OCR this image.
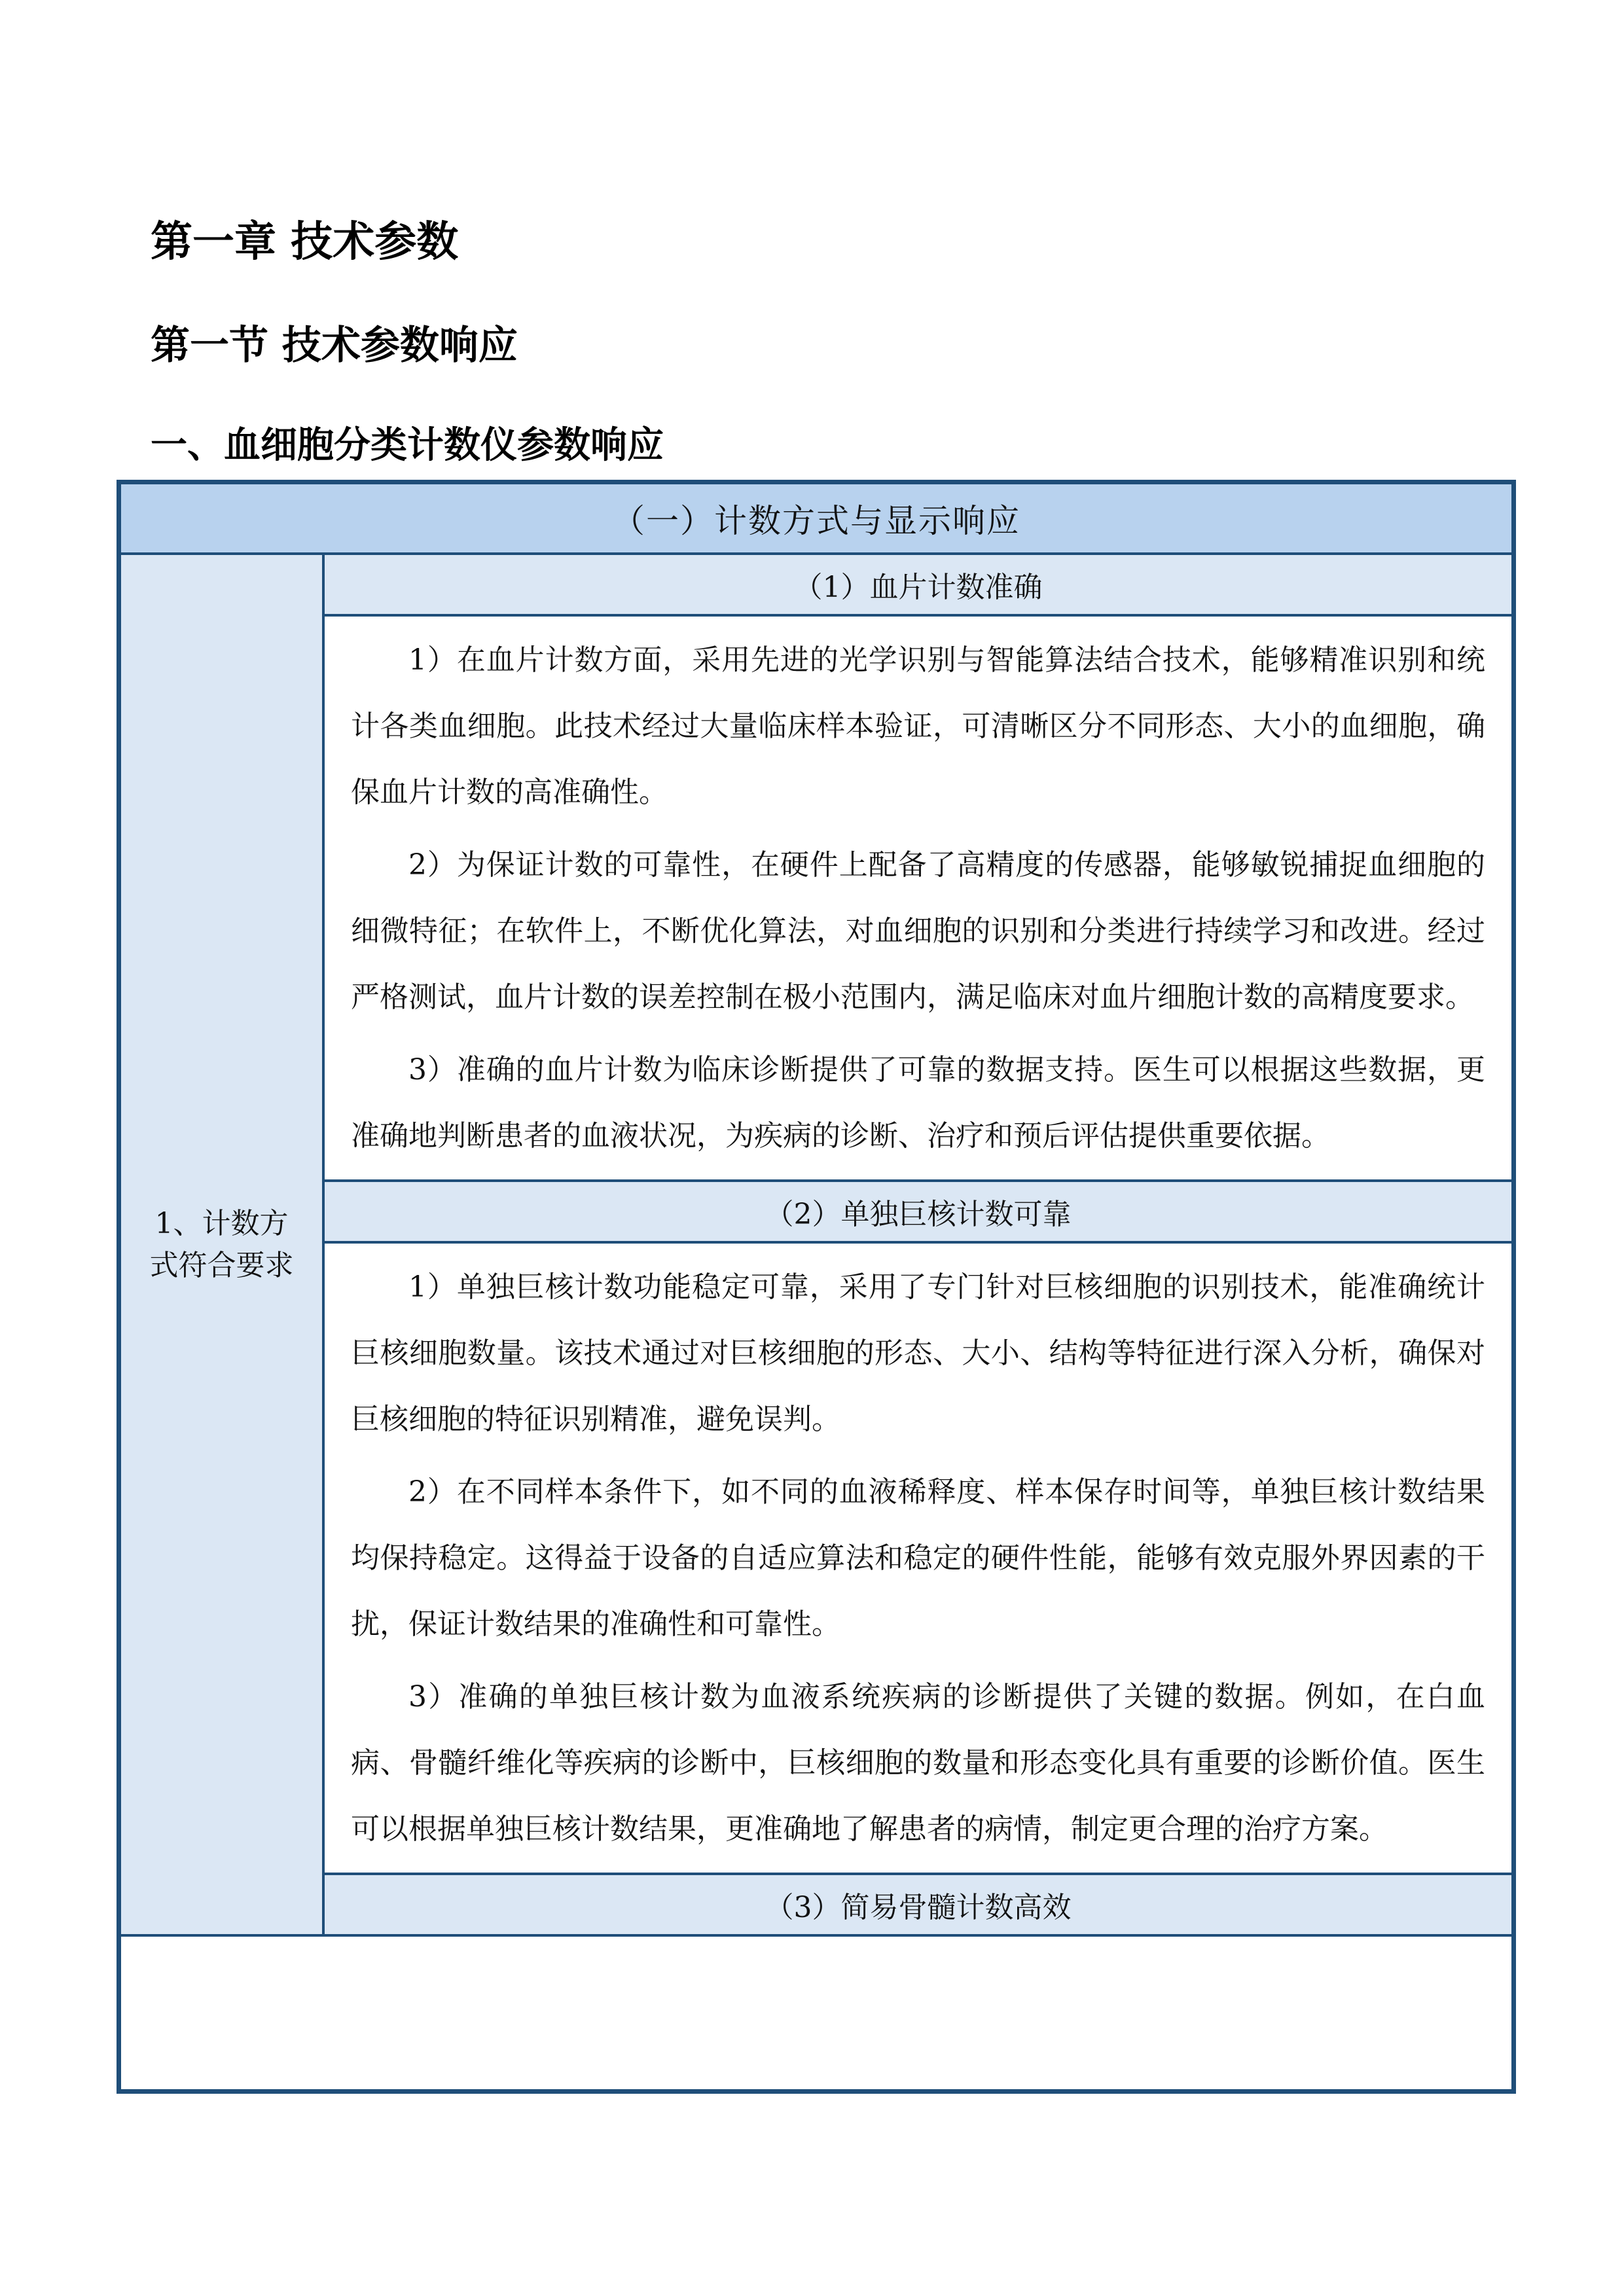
第一章 技术参数
第一节 技术参数响应
一、血细胞分类计数仪参数响应
（一）计数方式与显示响应
1、计数方式符合要求	（1）血片计数准确

1）在血片计数方面，采用先进的光学识别与智能算法结合技术，能够精准识别和统计各类血细胞。此技术经过大量临床样本验证，可清晰区分不同形态、大小的血细胞，确保血片计数的高准确性。

2）为保证计数的可靠性，在硬件上配备了高精度的传感器，能够敏锐捕捉血细胞的细微特征；在软件上，不断优化算法，对血细胞的识别和分类进行持续学习和改进。经过严格测试，血片计数的误差控制在极小范围内，满足临床对血片细胞计数的高精度要求。

3）准确的血片计数为临床诊断提供了可靠的数据支持。医生可以根据这些数据，更准确地判断患者的血液状况，为疾病的诊断、治疗和预后评估提供重要依据。

（2）单独巨核计数可靠

1）单独巨核计数功能稳定可靠，采用了专门针对巨核细胞的识别技术，能准确统计巨核细胞数量。该技术通过对巨核细胞的形态、大小、结构等特征进行深入分析，确保对巨核细胞的特征识别精准，避免误判。

2）在不同样本条件下，如不同的血液稀释度、样本保存时间等，单独巨核计数结果均保持稳定。这得益于设备的自适应算法和稳定的硬件性能，能够有效克服外界因素的干扰，保证计数结果的准确性和可靠性。

3）准确的单独巨核计数为血液系统疾病的诊断提供了关键的数据。例如，在白血病、骨髓纤维化等疾病的诊断中，巨核细胞的数量和形态变化具有重要的诊断价值。医生可以根据单独巨核计数结果，更准确地了解患者的病情，制定更合理的治疗方案。

（3）简易骨髓计数高效
